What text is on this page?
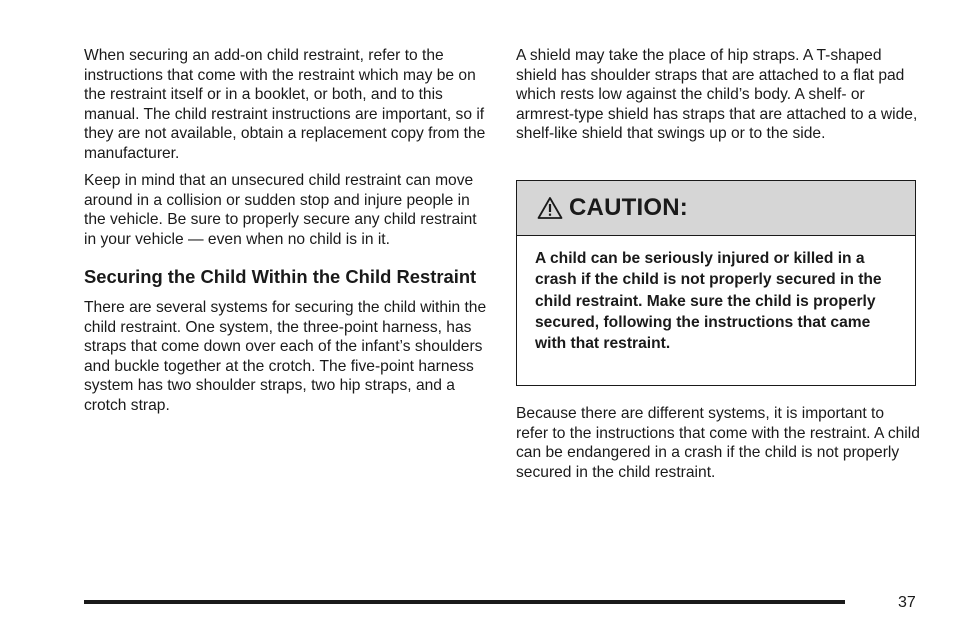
When securing an add-on child restraint, refer to the instructions that come with the restraint which may be on the restraint itself or in a booklet, or both, and to this manual. The child restraint instructions are important, so if they are not available, obtain a replacement copy from the manufacturer.

Keep in mind that an unsecured child restraint can move around in a collision or sudden stop and injure people in the vehicle. Be sure to properly secure any child restraint in your vehicle — even when no child is in it.

Securing the Child Within the Child Restraint

There are several systems for securing the child within the child restraint. One system, the three-point harness, has straps that come down over each of the infant’s shoulders and buckle together at the crotch. The five-point harness system has two shoulder straps, two hip straps, and a crotch strap.

A shield may take the place of hip straps. A T-shaped shield has shoulder straps that are attached to a flat pad which rests low against the child’s body. A shelf- or armrest-type shield has straps that are attached to a wide, shelf-like shield that swings up or to the side.

CAUTION:
A child can be seriously injured or killed in a crash if the child is not properly secured in the child restraint. Make sure the child is properly secured, following the instructions that came with that restraint.

Because there are different systems, it is important to refer to the instructions that come with the restraint. A child can be endangered in a crash if the child is not properly secured in the child restraint.

37
